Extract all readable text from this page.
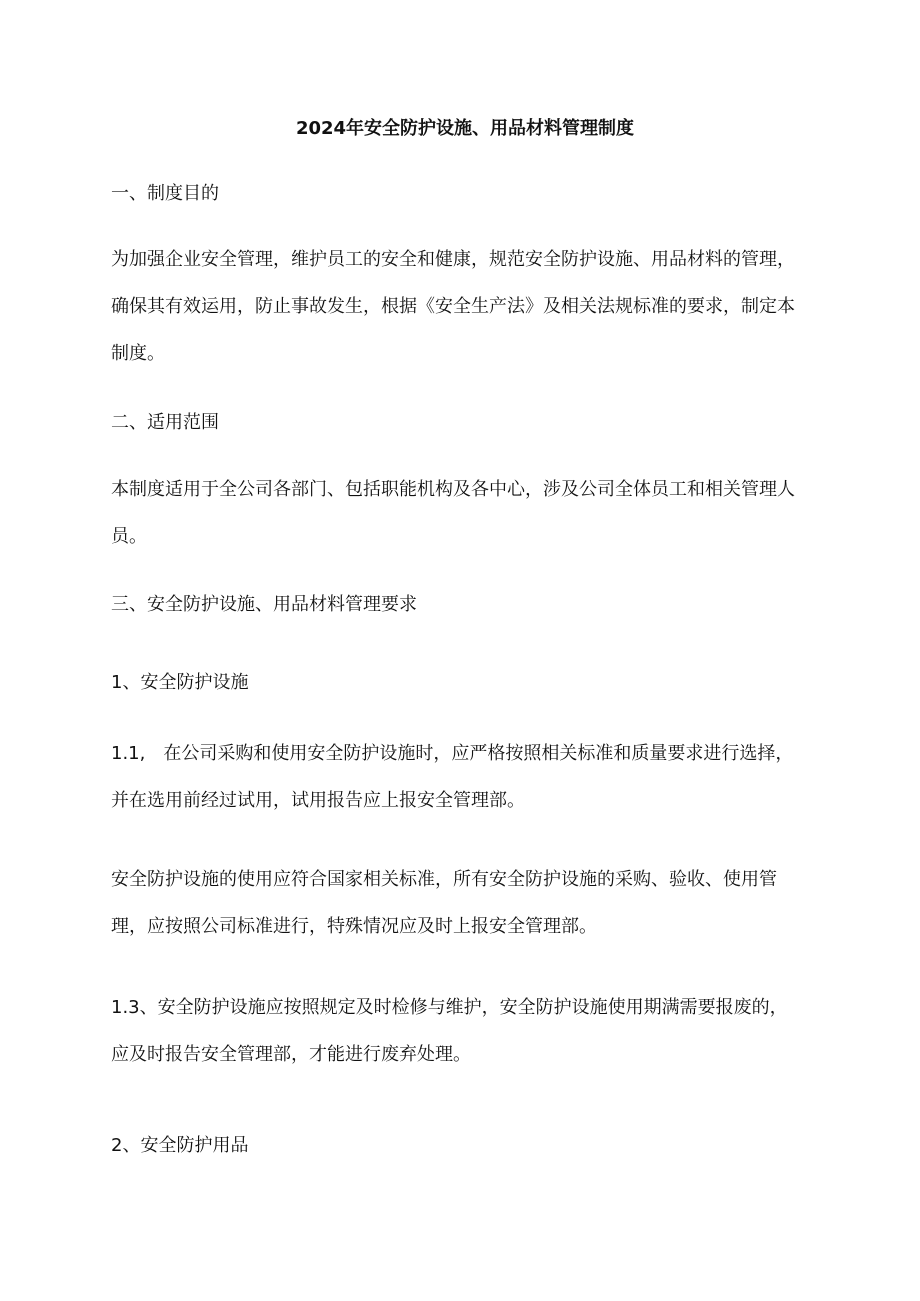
2024年安全防护设施、用品材料管理制度
一、制度目的
为加强企业安全管理，维护员工的安全和健康，规范安全防护设施、用品材料的管理，
确保其有效运用，防止事故发生，根据《安全生产法》及相关法规标准的要求，制定本
制度。
二、适用范围
本制度适用于全公司各部门、包括职能机构及各中心，涉及公司全体员工和相关管理人
员。
三、安全防护设施、用品材料管理要求
1、安全防护设施
1.1,　在公司采购和使用安全防护设施时，应严格按照相关标准和质量要求进行选择，
并在选用前经过试用，试用报告应上报安全管理部。
安全防护设施的使用应符合国家相关标准，所有安全防护设施的采购、验收、使用管
理，应按照公司标准进行，特殊情况应及时上报安全管理部。
1.3、安全防护设施应按照规定及时检修与维护，安全防护设施使用期满需要报废的，
应及时报告安全管理部，才能进行废弃处理。
2、安全防护用品
